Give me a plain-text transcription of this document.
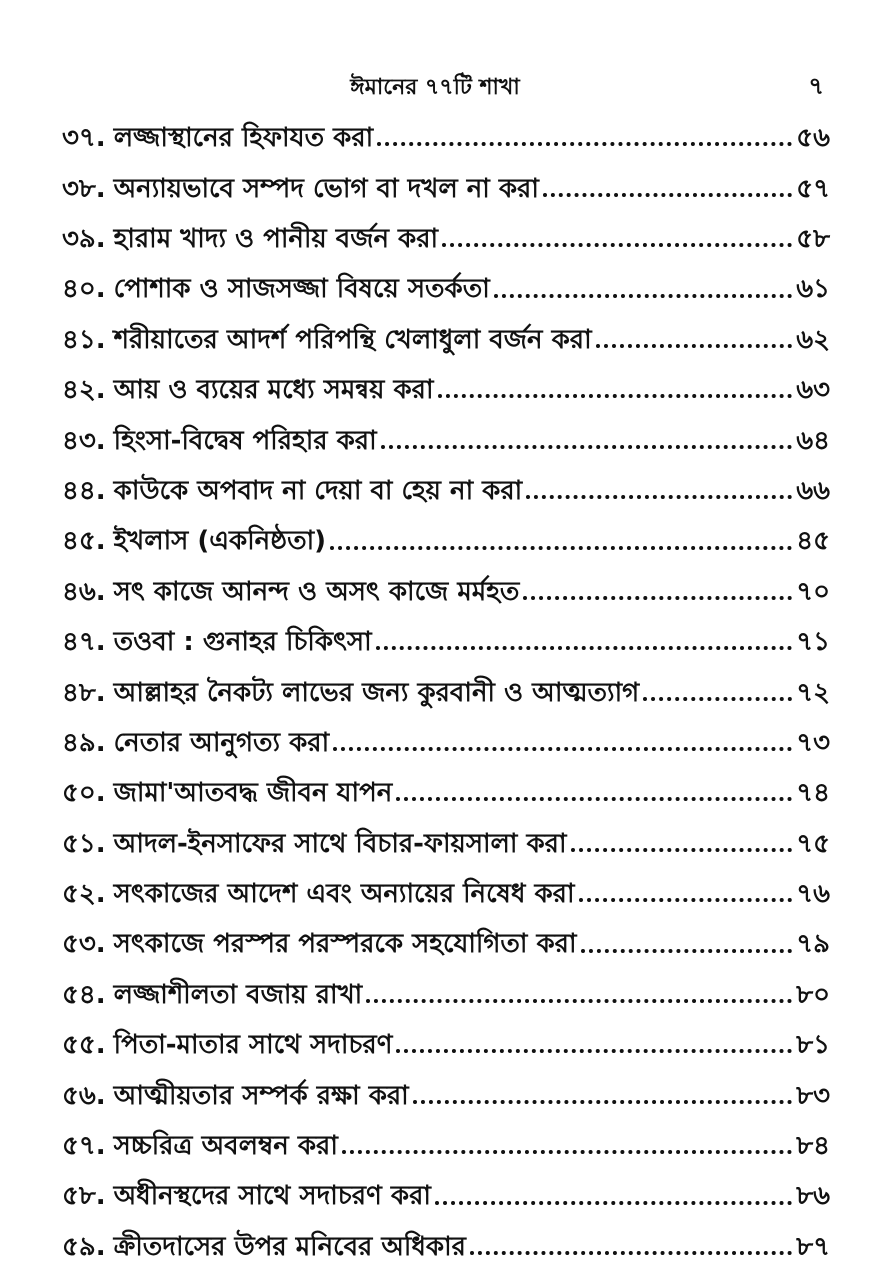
ঈমানের ৭৭টি শাখা	৭
৩৭. লজ্জাস্থানের হিফাযত করা	৫৬
৩৮. অন্যায়ভাবে সম্পদ ভোগ বা দখল না করা	৫৭
৩৯. হারাম খাদ্য ও পানীয় বর্জন করা	৫৮
৪০. পোশাক ও সাজসজ্জা বিষয়ে সতর্কতা	৬১
৪১. শরীয়াতের আদর্শ পরিপন্থি খেলাধুলা বর্জন করা	৬২
৪২. আয় ও ব্যয়ের মধ্যে সমন্বয় করা	৬৩
৪৩. হিংসা-বিদ্বেষ পরিহার করা	৬৪
৪৪. কাউকে অপবাদ না দেয়া বা হেয় না করা	৬৬
৪৫. ইখলাস (একনিষ্ঠতা)	৪৫
৪৬. সৎ কাজে আনন্দ ও অসৎ কাজে মর্মহত	৭০
৪৭. তওবা : গুনাহর চিকিৎসা	৭১
৪৮. আল্লাহর নৈকট্য লাভের জন্য কুরবানী ও আত্মত্যাগ	৭২
৪৯. নেতার আনুগত্য করা	৭৩
৫০. জামা'আতবদ্ধ জীবন যাপন	৭৪
৫১. আদল-ইনসাফের সাথে বিচার-ফায়সালা করা	৭৫
৫২. সৎকাজের আদেশ এবং অন্যায়ের নিষেধ করা	৭৬
৫৩. সৎকাজে পরস্পর পরস্পরকে সহযোগিতা করা	৭৯
৫৪. লজ্জাশীলতা বজায় রাখা	৮০
৫৫. পিতা-মাতার সাথে সদাচরণ	৮১
৫৬. আত্মীয়তার সম্পর্ক রক্ষা করা	৮৩
৫৭. সচ্চরিত্র অবলম্বন করা	৮৪
৫৮. অধীনস্থদের সাথে সদাচরণ করা	৮৬
৫৯. ক্রীতদাসের উপর মনিবের অধিকার	৮৭
